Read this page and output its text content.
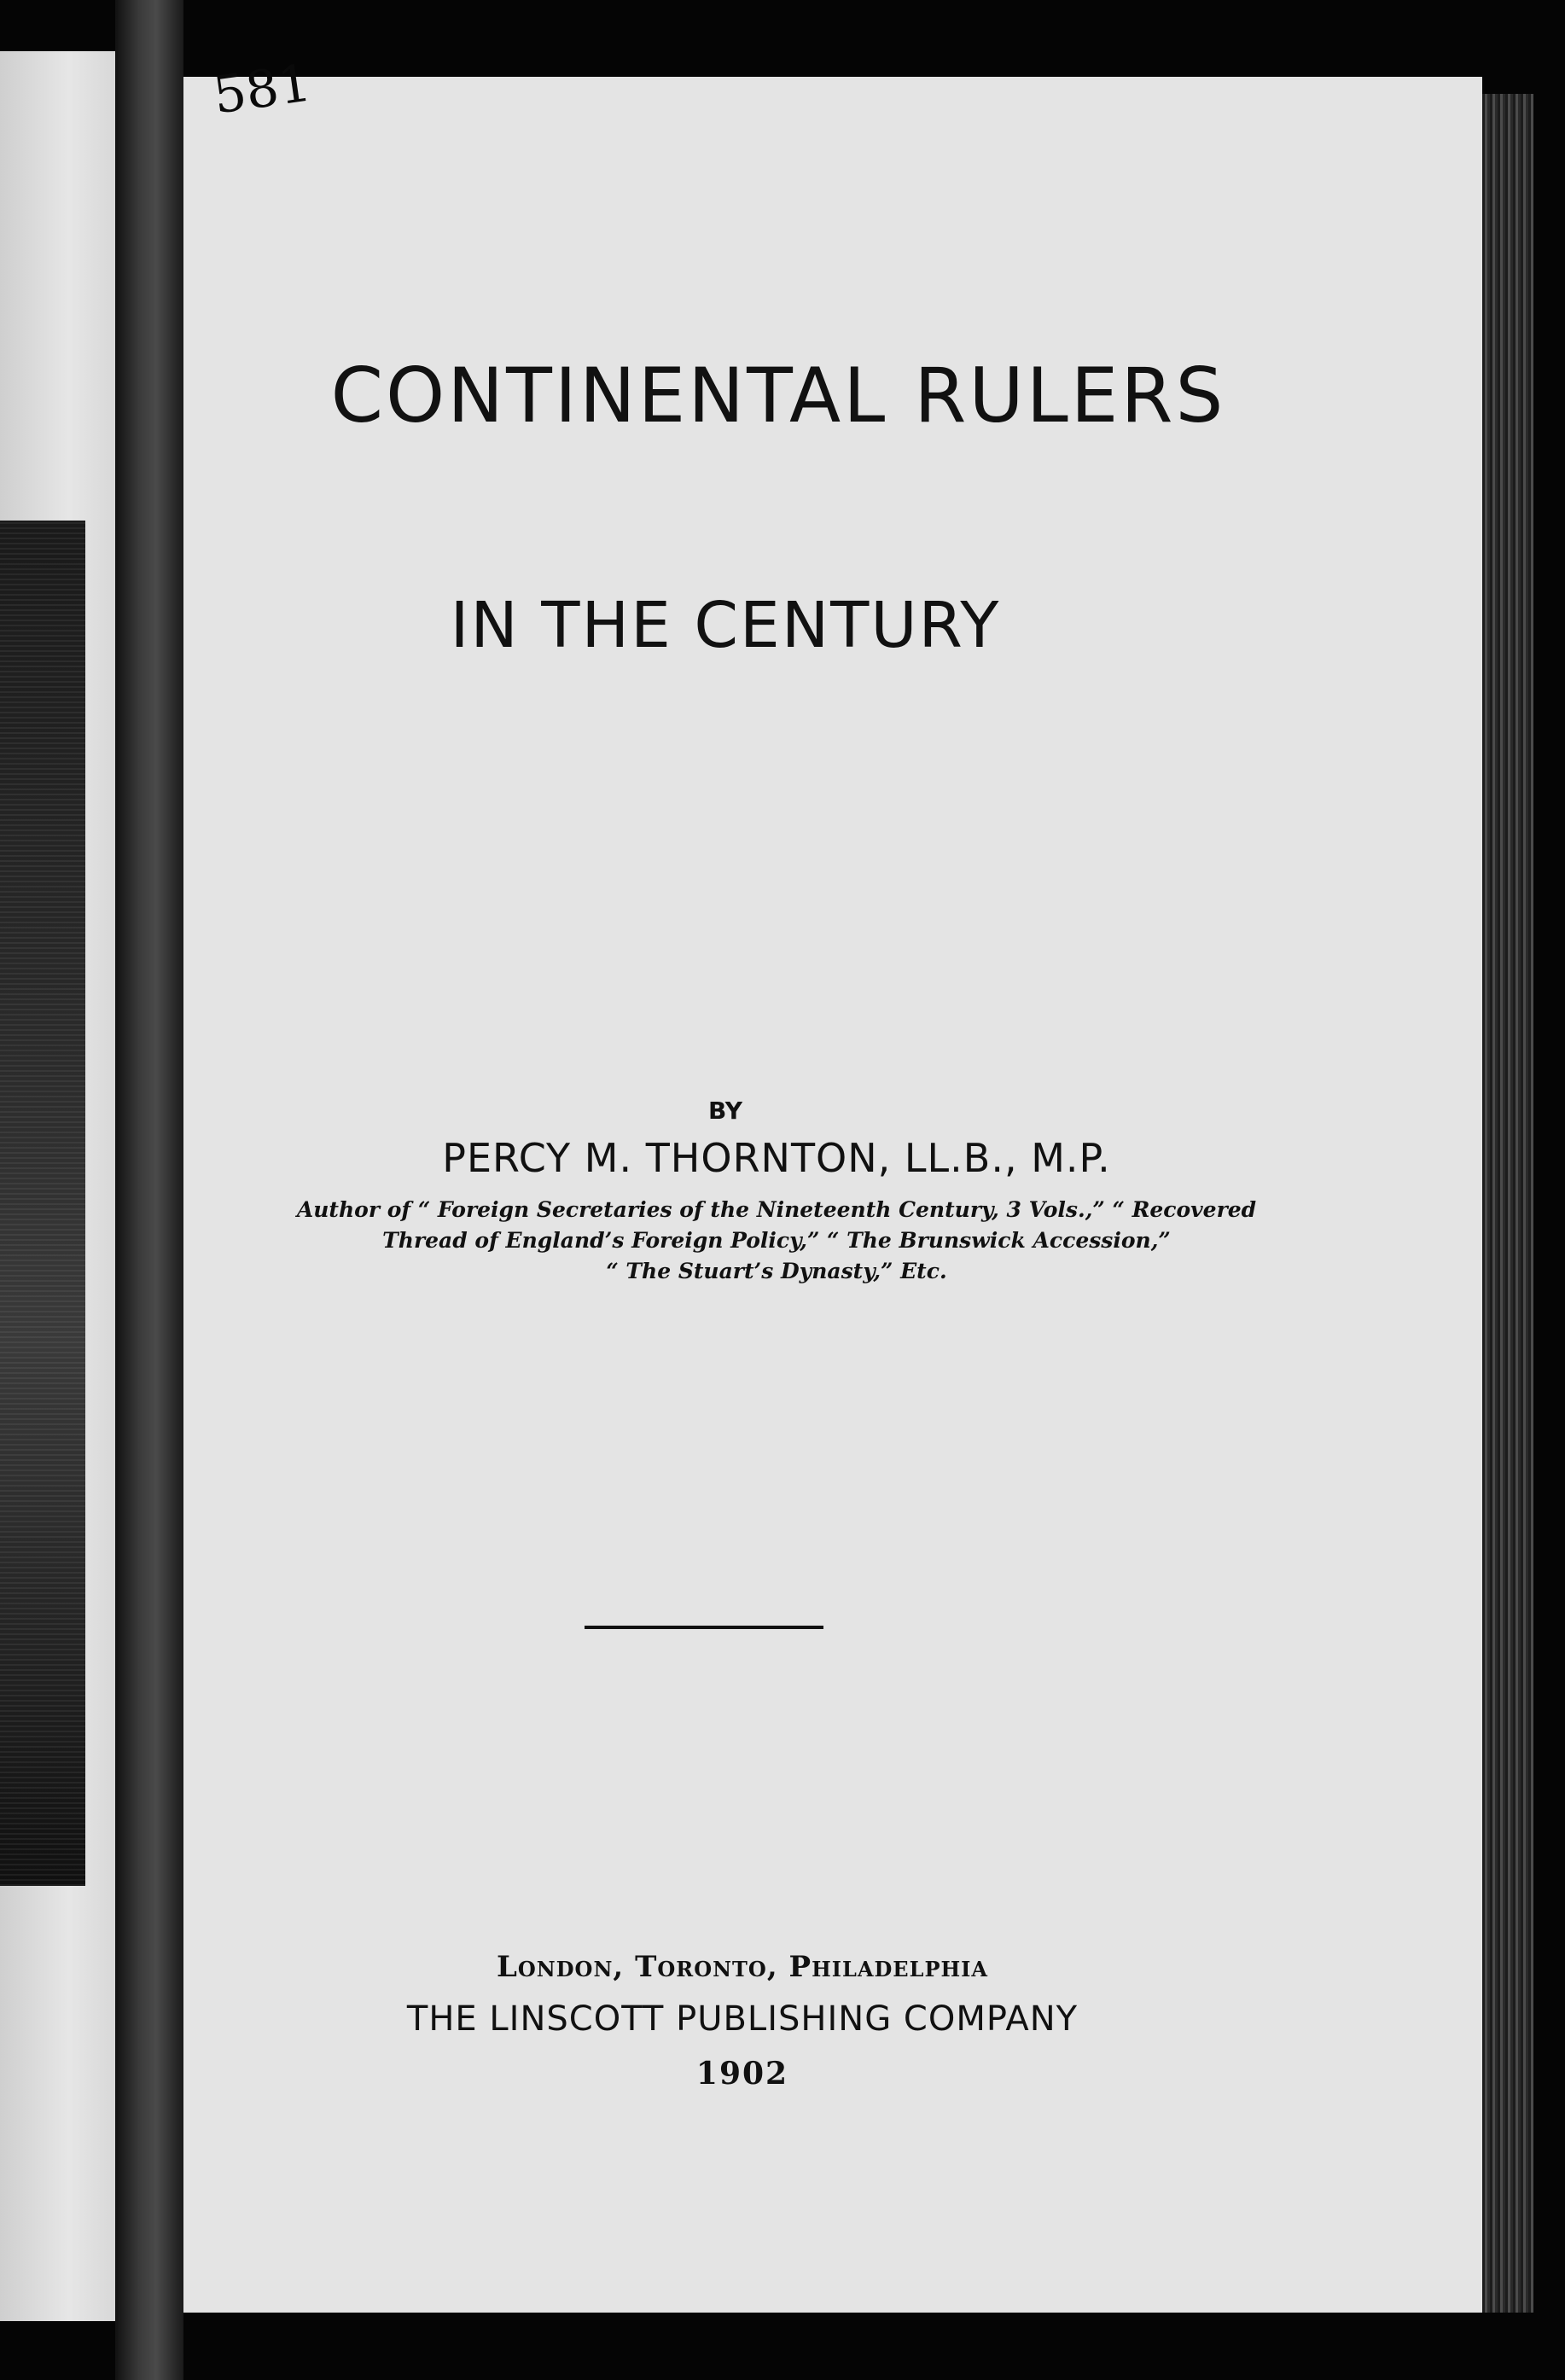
CONTINENTAL RULERS
IN THE CENTURY
BY
PERCY M. THORNTON, LL.B., M.P.
Author of “ Foreign Secretaries of the Nineteenth Century, 3 Vols.,” “ Recovered
Thread of England’s Foreign Policy,” “ The Brunswick Accession,”
“ The Stuart’s Dynasty,” Etc.
London, Toronto, Philadelphia
THE LINSCOTT PUBLISHING COMPANY
1902
581
